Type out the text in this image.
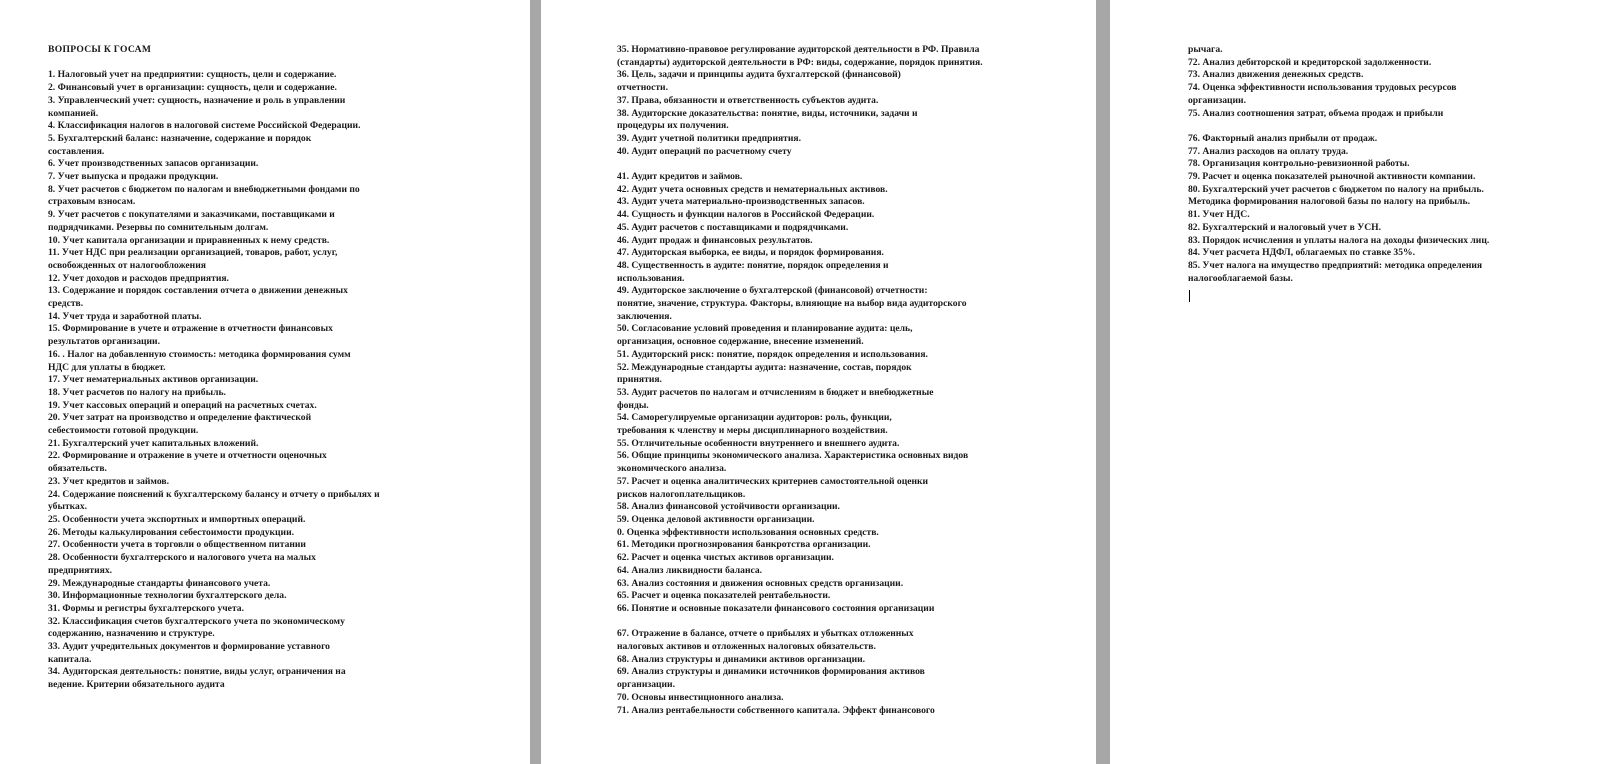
ВОПРОСЫ К ГОСАМ

1. Налоговый учет на предприятии: сущность, цели и содержание.

2. Финансовый учет в организации: сущность, цели и содержание.

3. Управленческий учет: сущность, назначение и роль в управлении

компанией.

4. Классификация налогов в налоговой системе Российской Федерации.

5. Бухгалтерский баланс: назначение, содержание и порядок

составления.

6. Учет производственных запасов организации.

7. Учет выпуска и продажи продукции.

8. Учет расчетов с бюджетом по налогам и внебюджетными фондами по

страховым взносам.

9. Учет расчетов с покупателями и заказчиками, поставщиками и

подрядчиками. Резервы по сомнительным долгам.

10. Учет капитала организации и приравненных к нему средств.

11. Учет НДС при реализации организацией, товаров, работ, услуг,

освобожденных от налогообложения

12. Учет доходов и расходов предприятия.

13. Содержание и порядок составления отчета о движении денежных

средств.

14. Учет труда и заработной платы.

15. Формирование в учете и отражение в отчетности финансовых

результатов организации.

16. . Налог на добавленную стоимость: методика формирования сумм

НДС для уплаты в бюджет.

17. Учет нематериальных активов организации.

18. Учет расчетов по налогу на прибыль.

19. Учет кассовых операций и операций на расчетных счетах.

20. Учет затрат на производство и определение фактической

себестоимости готовой продукции.

21. Бухгалтерский учет капитальных вложений.

22. Формирование и отражение в учете и отчетности оценочных

обязательств.

23. Учет кредитов и займов.

24. Содержание пояснений к бухгалтерскому балансу и отчету о прибылях и

убытках.

25. Особенности учета экспортных и импортных операций.

26. Методы калькулирования себестоимости продукции.

27. Особенности учета в торговли о общественном питании

28. Особенности бухгалтерского и налогового учета на малых

предприятиях.

29. Международные стандарты финансового учета.

30. Информационные технологии бухгалтерского дела.

31. Формы и регистры бухгалтерского учета.

32. Классификация счетов бухгалтерского учета по экономическому

содержанию, назначению и структуре.

33. Аудит учредительных документов и формирование уставного

капитала.

34. Аудиторская деятельность: понятие, виды услуг, ограничения на

ведение. Критерии обязательного аудита

35. Нормативно-правовое регулирование аудиторской деятельности в РФ. Правила

(стандарты) аудиторской деятельности в РФ: виды, содержание, порядок принятия.

36. Цель, задачи и принципы аудита бухгалтерской (финансовой)

отчетности.

37. Права, обязанности и ответственность субъектов аудита.

38. Аудиторские доказательства: понятие, виды, источники, задачи и

процедуры их получения.

39. Аудит учетной политики предприятия.

40. Аудит операций по расчетному счету

41. Аудит кредитов и займов.

42. Аудит учета основных средств и нематериальных активов.

43. Аудит учета материально-производственных запасов.

44. Сущность и функции налогов в Российской Федерации.

45. Аудит расчетов с поставщиками и подрядчиками.

46. Аудит продаж и финансовых результатов.

47. Аудиторская выборка, ее виды, и порядок формирования.

48. Существенность в аудите: понятие, порядок определения и

использования.

49. Аудиторское заключение о бухгалтерской (финансовой) отчетности:

понятие, значение, структура. Факторы, влияющие на выбор вида аудиторского

заключения.

50. Согласование условий проведения и планирование аудита: цель,

организация, основное содержание, внесение изменений.

51. Аудиторский риск: понятие, порядок определения и использования.

52. Международные стандарты аудита: назначение, состав, порядок

принятия.

53. Аудит расчетов по налогам и отчислениям в бюджет и внебюджетные

фонды.

54. Саморегулируемые организации аудиторов: роль, функции,

требования к членству и меры дисциплинарного воздействия.

55. Отличительные особенности внутреннего и внешнего аудита.

56. Общие принципы экономического анализа. Характеристика основных видов

экономического анализа.

57. Расчет и оценка аналитических критериев самостоятельной оценки

рисков налогоплательщиков.

58. Анализ финансовой устойчивости организации.

59. Оценка деловой активности организации.

0. Оценка эффективности использования основных средств.

61. Методики прогнозирования банкротства организации.

62. Расчет и оценка чистых активов организации.

64. Анализ ликвидности баланса.

63. Анализ состояния и движения основных средств организации.

65. Расчет и оценка показателей рентабельности.

66. Понятие и основные показатели финансового состояния организации

67. Отражение в балансе, отчете о прибылях и убытках отложенных

налоговых активов и отложенных налоговых обязательств.

68. Анализ структуры и динамики активов организации.

69. Анализ структуры и динамики источников формирования активов

организации.

70. Основы инвестиционного анализа.

71. Анализ рентабельности собственного капитала. Эффект финансового

рычага.

72. Анализ дебиторской и кредиторской задолженности.

73. Анализ движения денежных средств.

74. Оценка эффективности использования трудовых ресурсов

организации.

75. Анализ соотношения затрат, объема продаж и прибыли

76. Факторный анализ прибыли от продаж.

77. Анализ расходов на оплату труда.

78. Организация контрольно-ревизионной работы.

79. Расчет и оценка показателей рыночной активности компании.

80. Бухгалтерский учет расчетов с бюджетом по налогу на прибыль.

Методика формирования налоговой базы по налогу на прибыль.

81. Учет НДС.

82. Бухгалтерский и налоговый учет в УСН.

83. Порядок исчисления и уплаты налога на доходы физических лиц.

84. Учет расчета НДФЛ, облагаемых по ставке 35%.

85. Учет налога на имущество предприятий: методика определения

налогооблагаемой базы.
